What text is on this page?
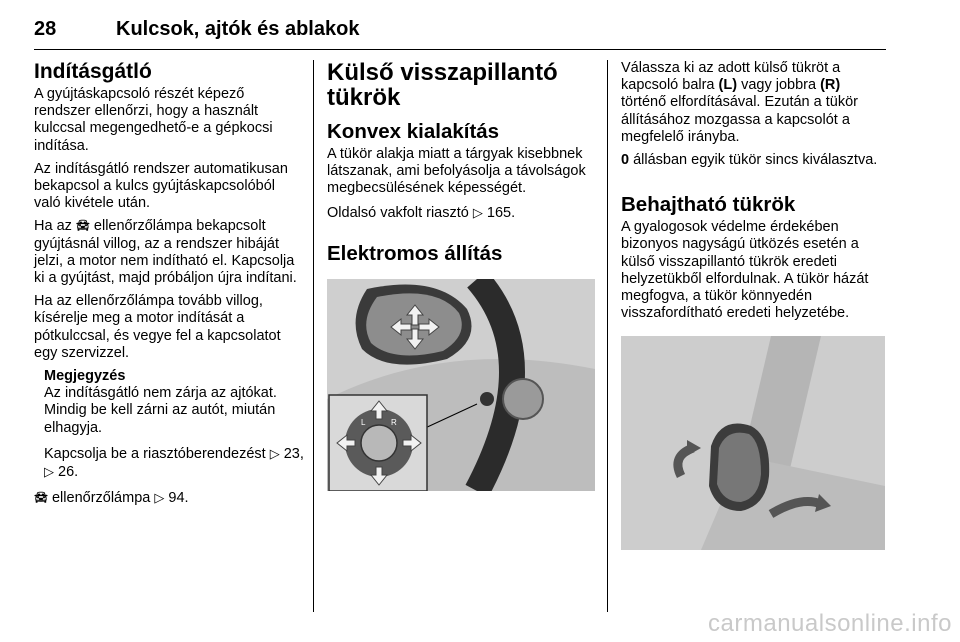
28	Kulcsok, ajtók és ablakok
Indításgátló

A gyújtáskapcsoló részét képező rendszer ellenőrzi, hogy a használt kulccsal megengedhető-e a gépkocsi indítása.

Az indításgátló rendszer automatikusan bekapcsol a kulcs gyújtáskapcsolóból való kivétele után.

Ha az 🚘︎ ellenőrzőlámpa bekapcsolt gyújtásnál villog, az a rendszer hibáját jelzi, a motor nem indítható el. Kapcsolja ki a gyújtást, majd próbáljon újra indítani.

Ha az ellenőrzőlámpa tovább villog, kísérelje meg a motor indítását a pótkulccsal, és vegye fel a kapcsolatot egy szervizzel.

Megjegyzés

Az indításgátló nem zárja az ajtókat. Mindig be kell zárni az autót, miután elhagyja.

Kapcsolja be a riasztóberendezést ▷ 23, ▷ 26.

🚘︎ ellenőrzőlámpa ▷ 94.

Külső visszapillantó tükrök
Konvex kialakítás

A tükör alakja miatt a tárgyak kisebbnek látszanak, ami befolyásolja a távolságok megbecsülésének képességét.

Oldalsó vakfolt riasztó ▷ 165.

Elektromos állítás
L	R

Válassza ki az adott külső tükröt a kapcsoló balra (L) vagy jobbra (R) történő elfordításával. Ezután a tükör állításához mozgassa a kapcsolót a megfelelő irányba.

0 állásban egyik tükör sincs kiválasztva.

Behajtható tükrök

A gyalogosok védelme érdekében bizonyos nagyságú ütközés esetén a külső visszapillantó tükrök eredeti helyzetükből elfordulnak. A tükör házát megfogva, a tükör könnyedén visszafordítható eredeti helyzetébe.

carmanualsonline.info
